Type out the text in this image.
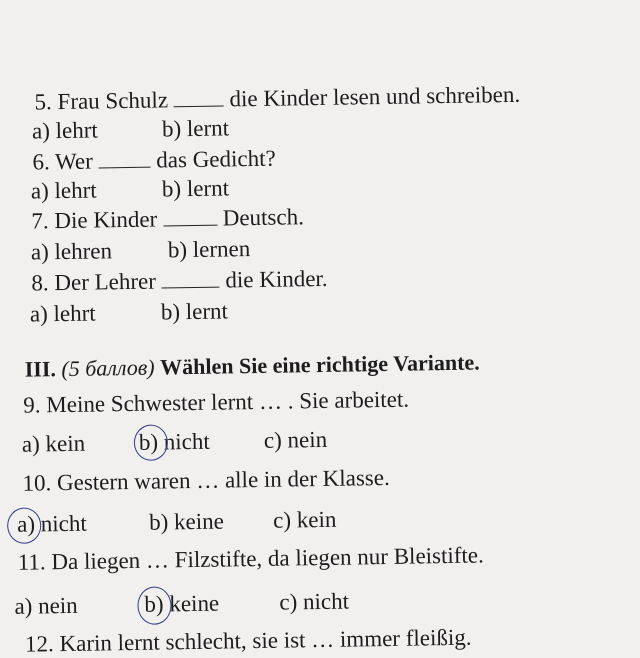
5. Frau Schulz	die Kinder lesen und schreiben.
a) lehrt	b) lernt
6. Wer	das Gedicht?
a) lehrt	b) lernt
7. Die Kinder	Deutsch.
a) lehren b) lernen
8. Der Lehrer	die Kinder.
a) lehrt	b) lernt
III. (5 баллов) Wählen Sie eine richtige Variante.
9. Meine Schwester lernt … . Sie arbeitet.
a) kein b) nicht c) nein
10. Gestern waren … alle in der Klasse.
a) nicht	b) keine c) kein
11. Da liegen … Filzstifte, da liegen nur Bleistifte.
a) nein	b) keine	c) nicht
12. Karin lernt schlecht, sie ist … immer fleißig.
